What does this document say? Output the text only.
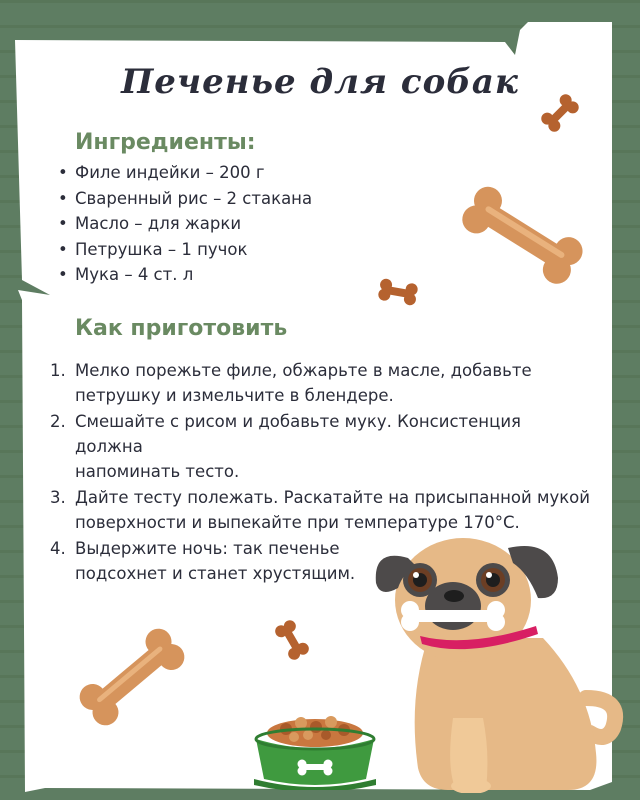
Печенье для собак
Ингредиенты:
• Филе индейки – 200 г
• Сваренный рис – 2 стакана
• Масло – для жарки
• Петрушка – 1 пучок
• Мука – 4 ст. л
Как приготовить
1. Мелко порежьте филе, обжарьте в масле, добавьте
петрушку и измельчите в блендере.
2. Смешайте с рисом и добавьте муку. Консистенция должна
напоминать тесто.
3. Дайте тесту полежать. Раскатайте на присыпанной мукой
поверхности и выпекайте при температуре 170°С.
4. Выдержите ночь: так печенье
подсохнет и станет хрустящим.
